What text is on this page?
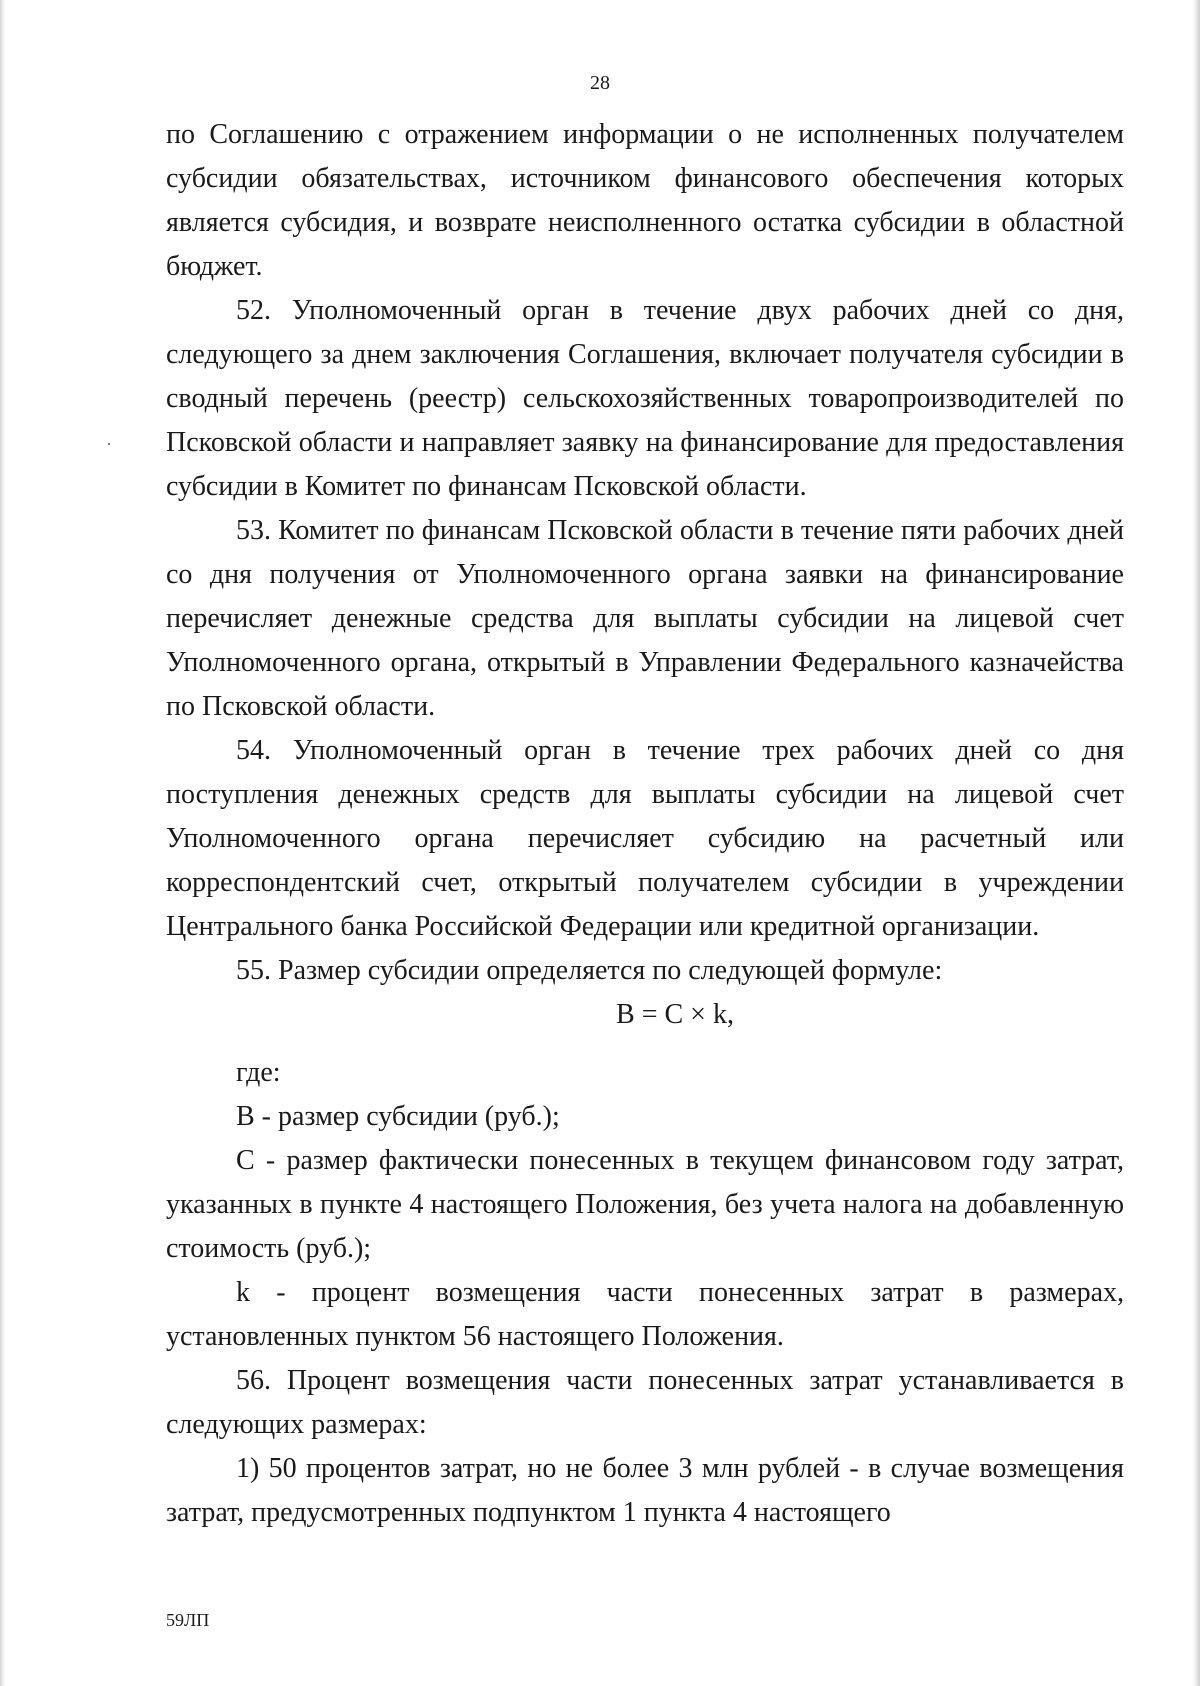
28

по Соглашению с отражением информации о не исполненных получателем субсидии обязательствах, источником финансового обеспечения которых является субсидия, и возврате неисполненного остатка субсидии в областной бюджет.

52. Уполномоченный орган в течение двух рабочих дней со дня, следующего за днем заключения Соглашения, включает получателя субсидии в сводный перечень (реестр) сельскохозяйственных товаропроизводителей по Псковской области и направляет заявку на финансирование для предоставления субсидии в Комитет по финансам Псковской области.

53. Комитет по финансам Псковской области в течение пяти рабочих дней со дня получения от Уполномоченного органа заявки на финансирование перечисляет денежные средства для выплаты субсидии на лицевой счет Уполномоченного органа, открытый в Управлении Федерального казначейства по Псковской области.

54. Уполномоченный орган в течение трех рабочих дней со дня поступления денежных средств для выплаты субсидии на лицевой счет Уполномоченного органа перечисляет субсидию на расчетный или корреспондентский счет, открытый получателем субсидии в учреждении Центрального банка Российской Федерации или кредитной организации.

55. Размер субсидии определяется по следующей формуле:

В = С × k,

где:

В - размер субсидии (руб.);

С - размер фактически понесенных в текущем финансовом году затрат, указанных в пункте 4 настоящего Положения, без учета налога на добавленную стоимость (руб.);

k - процент возмещения части понесенных затрат в размерах, установленных пунктом 56 настоящего Положения.

56. Процент возмещения части понесенных затрат устанавливается в следующих размерах:

1) 50 процентов затрат, но не более 3 млн рублей - в случае возмещения затрат, предусмотренных подпунктом 1 пункта 4 настоящего

59ЛП
